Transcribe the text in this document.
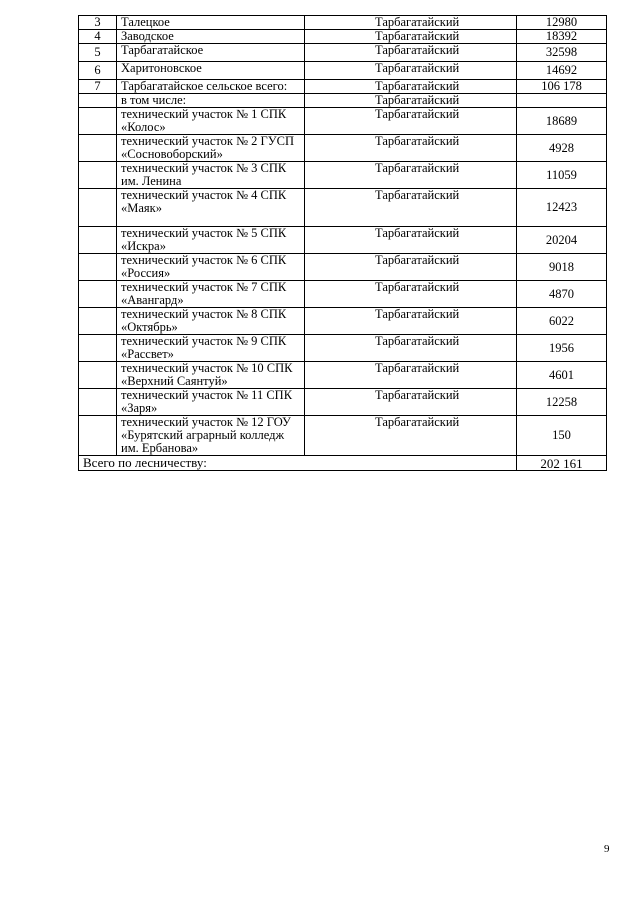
3	Талецкое	Тарбагатайский	12980
4	Заводское	Тарбагатайский	18392
5	Тарбагатайское	Тарбагатайский	32598
6	Харитоновское	Тарбагатайский	14692
7	Тарбагатайское сельское всего:	Тарбагатайский	106 178
	в том числе:	Тарбагатайский	
	технический участок № 1 СПК «Колос»	Тарбагатайский	18689
	технический участок № 2 ГУСП «Сосновоборский»	Тарбагатайский	4928
	технический участок № 3 СПК им. Ленина	Тарбагатайский	11059
	технический участок № 4 СПК «Маяк»	Тарбагатайский	12423
	технический участок № 5 СПК «Искра»	Тарбагатайский	20204
	технический участок № 6 СПК «Россия»	Тарбагатайский	9018
	технический участок № 7 СПК «Авангард»	Тарбагатайский	4870
	технический участок № 8 СПК «Октябрь»	Тарбагатайский	6022
	технический участок № 9 СПК «Рассвет»	Тарбагатайский	1956
	технический участок № 10 СПК «Верхний Саянтуй»	Тарбагатайский	4601
	технический участок № 11 СПК «Заря»	Тарбагатайский	12258
	технический участок № 12 ГОУ «Бурятский аграрный колледж им. Ербанова»	Тарбагатайский	150
Всего по лесничеству:			202 161
9
